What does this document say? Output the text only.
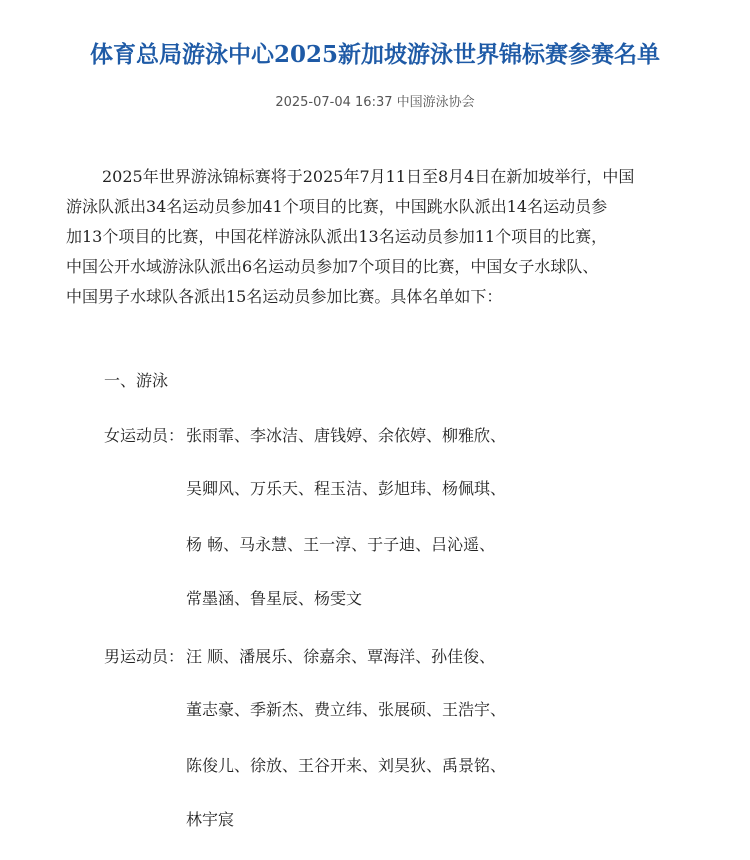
体育总局游泳中心2025新加坡游泳世界锦标赛参赛名单
2025-07-04 16:37 中国游泳协会
2025年世界游泳锦标赛将于2025年7月11日至8月4日在新加坡举行，中国
游泳队派出34名运动员参加41个项目的比赛，中国跳水队派出14名运动员参
加13个项目的比赛，中国花样游泳队派出13名运动员参加11个项目的比赛，
中国公开水域游泳队派出6名运动员参加7个项目的比赛，中国女子水球队、
中国男子水球队各派出15名运动员参加比赛。具体名单如下：
一、游泳
女运动员： 张雨霏、李冰洁、唐钱婷、余依婷、柳雅欣、
吴卿风、万乐天、程玉洁、彭旭玮、杨佩琪、
杨 畅、马永慧、王一淳、于子迪、吕沁遥、
常墨涵、鲁星辰、杨雯文
男运动员： 汪 顺、潘展乐、徐嘉余、覃海洋、孙佳俊、
董志豪、季新杰、费立纬、张展硕、王浩宇、
陈俊儿、徐放、王谷开来、刘昊狄、禹景铭、
林宇宸
